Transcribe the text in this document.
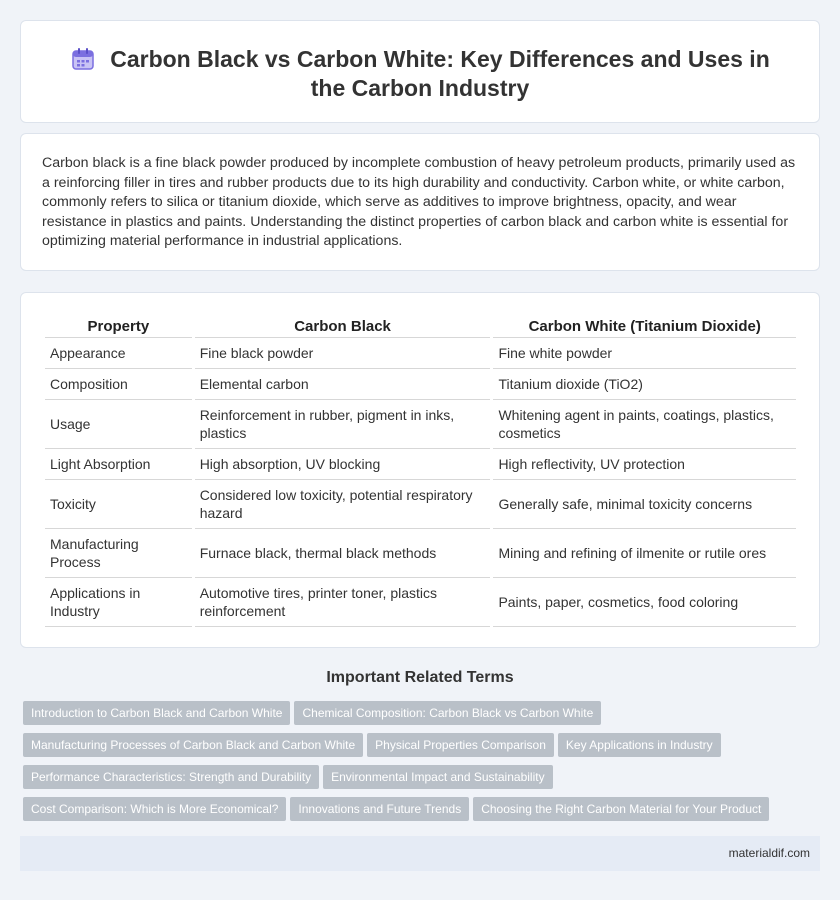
Carbon Black vs Carbon White: Key Differences and Uses in the Carbon Industry

Carbon black is a fine black powder produced by incomplete combustion of heavy petroleum products, primarily used as a reinforcing filler in tires and rubber products due to its high durability and conductivity. Carbon white, or white carbon, commonly refers to silica or titanium dioxide, which serve as additives to improve brightness, opacity, and wear resistance in plastics and paints. Understanding the distinct properties of carbon black and carbon white is essential for optimizing material performance in industrial applications.

Property	Carbon Black	Carbon White (Titanium Dioxide)
Appearance	Fine black powder	Fine white powder
Composition	Elemental carbon	Titanium dioxide (TiO2)
Usage	Reinforcement in rubber, pigment in inks, plastics	Whitening agent in paints, coatings, plastics, cosmetics
Light Absorption	High absorption, UV blocking	High reflectivity, UV protection
Toxicity	Considered low toxicity, potential respiratory hazard	Generally safe, minimal toxicity concerns
Manufacturing Process	Furnace black, thermal black methods	Mining and refining of ilmenite or rutile ores
Applications in Industry	Automotive tires, printer toner, plastics reinforcement	Paints, paper, cosmetics, food coloring
Important Related Terms
Introduction to Carbon Black and Carbon White Chemical Composition: Carbon Black vs Carbon White
Manufacturing Processes of Carbon Black and Carbon White Physical Properties Comparison Key Applications in Industry
Performance Characteristics: Strength and Durability Environmental Impact and Sustainability
Cost Comparison: Which is More Economical? Innovations and Future Trends Choosing the Right Carbon Material for Your Product
materialdif.com
